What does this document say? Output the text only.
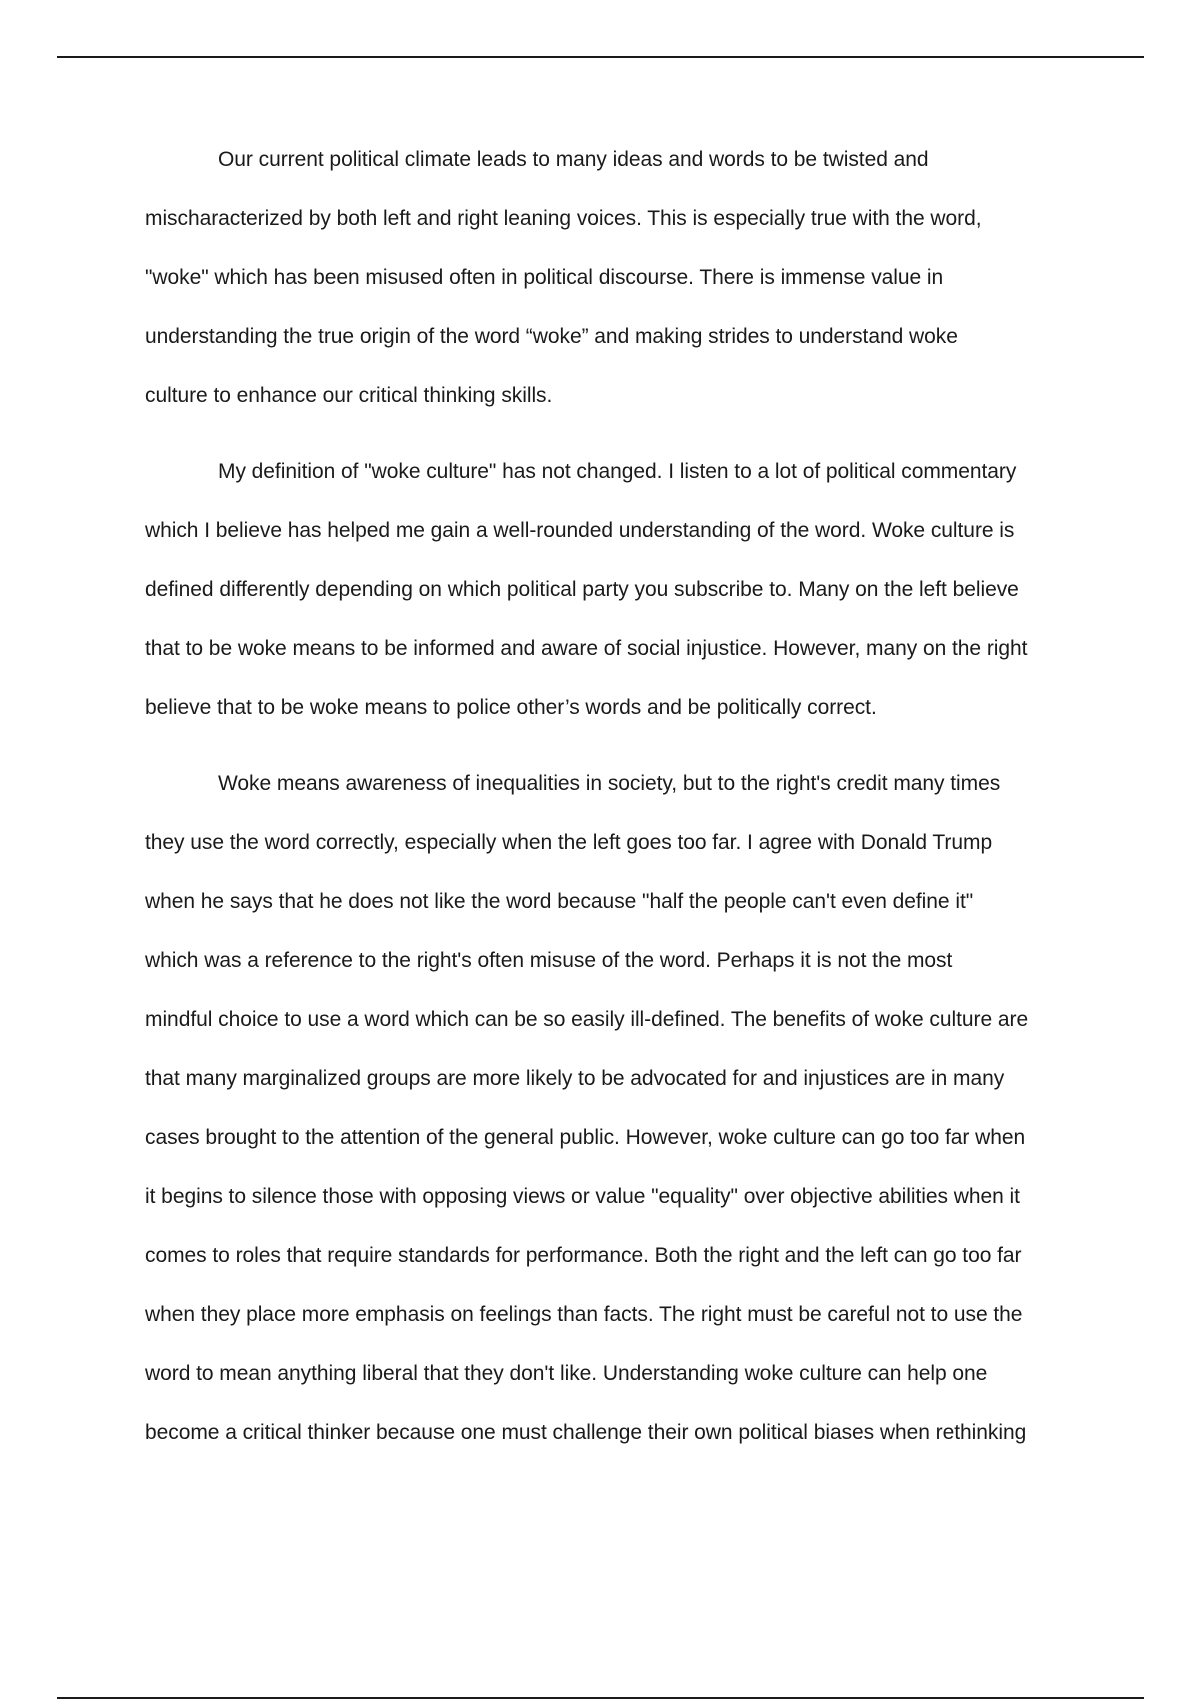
Our current political climate leads to many ideas and words to be twisted and
mischaracterized by both left and right leaning voices. This is especially true with the word,
"woke" which has been misused often in political discourse. There is immense value in
understanding the true origin of the word “woke” and making strides to understand woke
culture to enhance our critical thinking skills.
My definition of "woke culture" has not changed. I listen to a lot of political commentary
which I believe has helped me gain a well-rounded understanding of the word. Woke culture is
defined differently depending on which political party you subscribe to. Many on the left believe
that to be woke means to be informed and aware of social injustice. However, many on the right
believe that to be woke means to police other’s words and be politically correct.
Woke means awareness of inequalities in society, but to the right's credit many times
they use the word correctly, especially when the left goes too far. I agree with Donald Trump
when he says that he does not like the word because "half the people can't even define it"
which was a reference to the right's often misuse of the word. Perhaps it is not the most
mindful choice to use a word which can be so easily ill-defined. The benefits of woke culture are
that many marginalized groups are more likely to be advocated for and injustices are in many
cases brought to the attention of the general public. However, woke culture can go too far when
it begins to silence those with opposing views or value "equality" over objective abilities when it
comes to roles that require standards for performance. Both the right and the left can go too far
when they place more emphasis on feelings than facts. The right must be careful not to use the
word to mean anything liberal that they don't like. Understanding woke culture can help one
become a critical thinker because one must challenge their own political biases when rethinking
